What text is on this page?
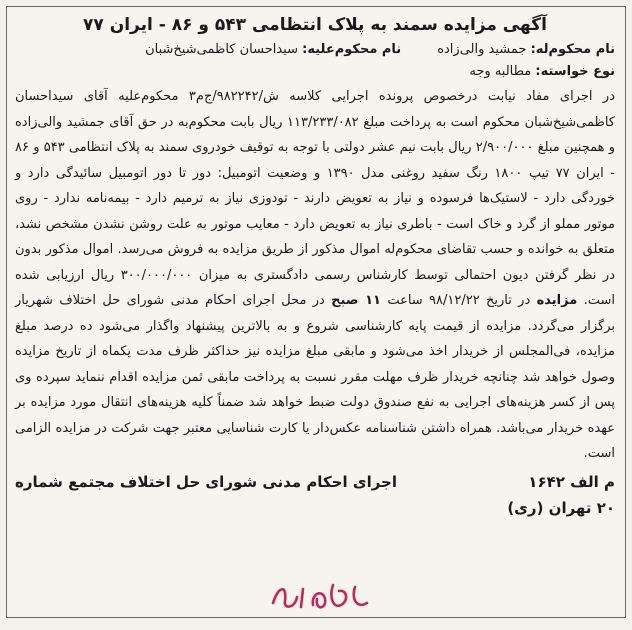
آگهی مزایده سمند به پلاک انتظامی ۵۴۳ و ۸۶ - ایران ۷۷
نام محکوم‌له: جمشید والی‌زاده
نام محکوم‌علیه: سیداحسان کاظمی‌شیخ‌شبان
نوع خواسته: مطالبه وجه
در اجرای مفاد نیابت درخصوص پرونده اجرایی کلاسه ش/۹۸۲۲۴۲/ج‌م۳ محکوم‌علیه آقای سیداحسان کاظمی‌شیخ‌شبان محکوم است به پرداخت مبلغ ۱۱۳/۲۳۳/۰۸۲ ریال بابت محکوم‌به در حق آقای جمشید والی‌زاده و همچنین مبلغ ۲/۹۰۰/۰۰۰ ریال بابت نیم عشر دولتی با توجه به توقیف خودروی سمند به پلاک انتظامی ۵۴۳ و ۸۶ - ایران ۷۷ تیپ ۱۸۰۰ رنگ سفید روغنی مدل ۱۳۹۰ و وضعیت اتومبیل: دور تا دور اتومبیل سائیدگی دارد و خوردگی دارد - لاستیک‌ها فرسوده و نیاز به تعویض دارند - تودوزی نیاز به ترمیم دارد - بیمه‌نامه ندارد - روی موتور مملو از گرد و خاک است - باطری نیاز به تعویض دارد - معایب موتور به علت روشن نشدن مشخص نشد، متعلق به خوانده و حسب تقاضای محکوم‌له اموال مذکور از طریق مزایده به فروش می‌رسد. اموال مذکور بدون در نظر گرفتن دیون احتمالی توسط کارشناس رسمی دادگستری به میزان ۳۰۰/۰۰۰/۰۰۰ ریال ارزیابی شده است. مزایده در تاریخ ۹۸/۱۲/۲۲ ساعت ۱۱ صبح در محل اجرای احکام مدنی شورای حل اختلاف شهریار برگزار می‌گردد. مزایده از قیمت پایه کارشناسی شروع و به بالاترین پیشنهاد واگذار می‌شود ده درصد مبلغ مزایده، فی‌المجلس از خریدار اخذ می‌شود و مابقی مبلغ مزایده نیز حداکثر ظرف مدت یکماه از تاریخ مزایده وصول خواهد شد چنانچه خریدار ظرف مهلت مقرر نسبت به پرداخت مابقی ثمن مزایده اقدام ننماید سپرده وی پس از کسر هزینه‌های اجرایی به نفع صندوق دولت ضبط خواهد شد ضمناً کلیه هزینه‌های انتقال مورد مزایده بر عهده خریدار می‌باشد. همراه داشتن شناسنامه عکس‌دار یا کارت شناسایی معتبر جهت شرکت در مزایده الزامی است.
م الف ۱۶۴۲
اجرای احکام مدنی شورای حل اختلاف مجتمع شماره
۲۰ تهران (ری)
